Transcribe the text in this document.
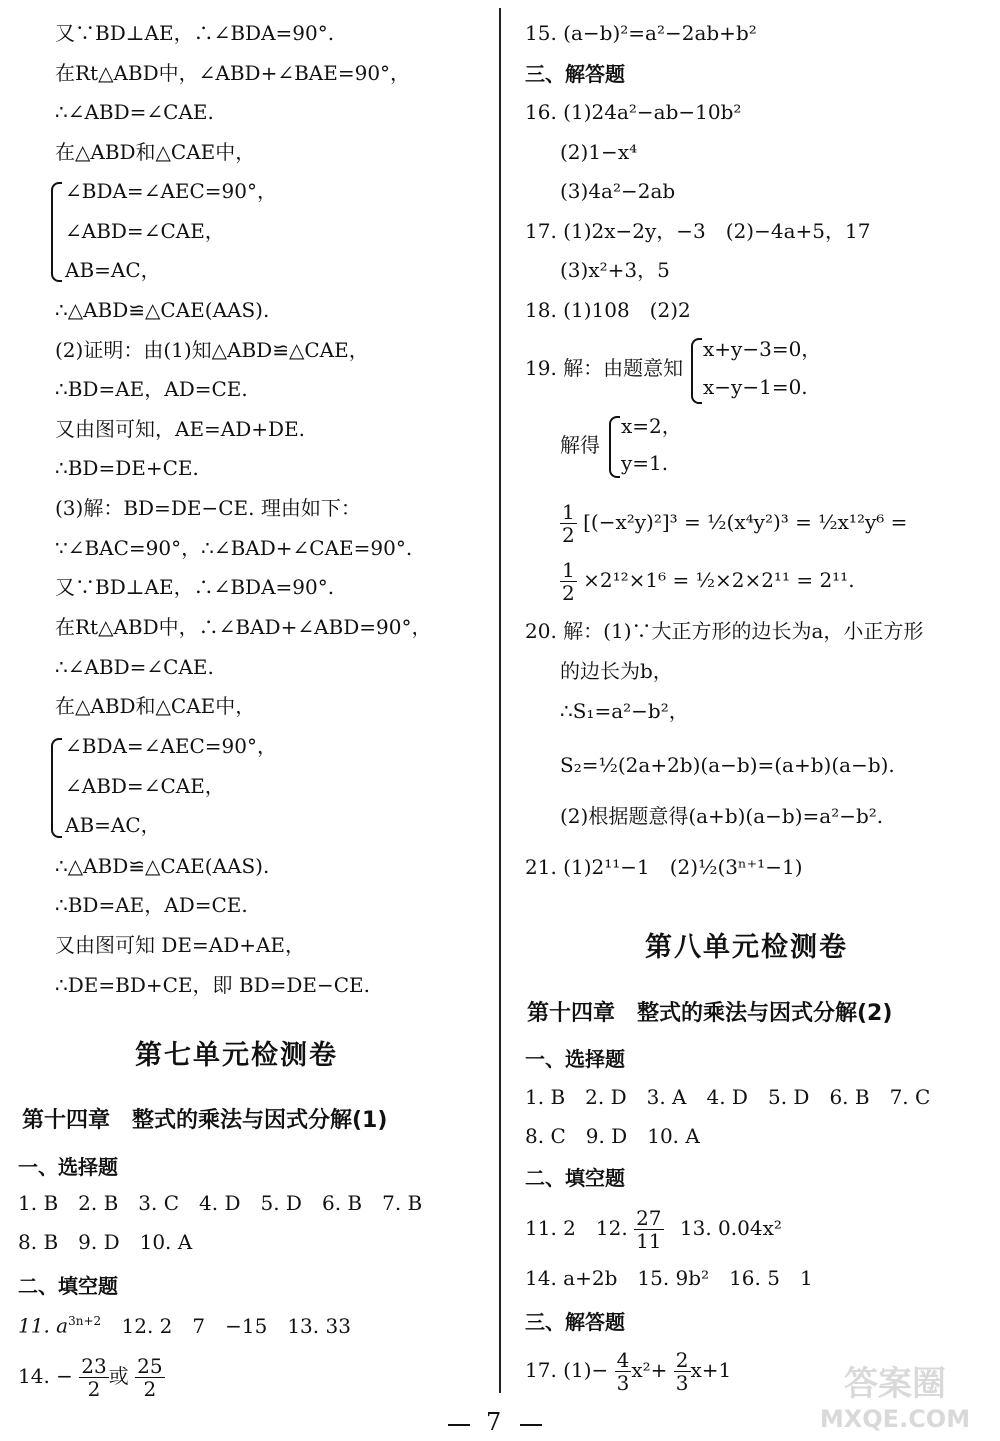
又∵BD⊥AE，∴∠BDA=90°.
在Rt△ABD中，∠ABD+∠BAE=90°，
∴∠ABD=∠CAE.
在△ABD和△CAE中，
∠BDA=∠AEC=90°，
∠ABD=∠CAE，
AB=AC，
∴△ABD≌△CAE(AAS).
(2)证明：由(1)知△ABD≌△CAE，
∴BD=AE，AD=CE.
又由图可知，AE=AD+DE.
∴BD=DE+CE.
(3)解：BD=DE−CE. 理由如下：
∵∠BAC=90°，∴∠BAD+∠CAE=90°.
又∵BD⊥AE，∴∠BDA=90°.
在Rt△ABD中，∴∠BAD+∠ABD=90°，
∴∠ABD=∠CAE.
在△ABD和△CAE中，
∠BDA=∠AEC=90°，
∠ABD=∠CAE，
AB=AC，
∴△ABD≌△CAE(AAS).
∴BD=AE，AD=CE.
又由图可知 DE=AD+AE，
∴DE=BD+CE，即 BD=DE−CE.
第七单元检测卷
第十四章　整式的乘法与因式分解(1)
一、选择题
1. B　2. B　3. C　4. D　5. D　6. B　7. B
8. B　9. D　10. A
二、填空题
11. $a^{3n+2}$ 12. 2　7　−15　13. 33
14. − $\frac{23}{2}$ 或 $\frac{25}{2}$
15. (a−b)²=a²−2ab+b²
三、解答题
16. (1)24a²−ab−10b²
(2)1−x⁴
(3)4a²−2ab
17. (1)2x−2y，−3　(2)−4a+5，17
(3)x²+3，5
18. (1)108　(2)2
19. 解：由题意知
x+y−3=0，
x−y−1=0.
解得
x=2，
y=1.
$\frac{1}{2} [(-x^2y)^2]^3$ = ½(x⁴y²)³ = ½x¹²y⁶ =
$\frac{1}{2} \times 2^{12}\times 1^6$ = ½×2×2¹¹ = 2¹¹.
20. 解：(1)∵大正方形的边长为a，小正方形
的边长为b，
∴S₁=a²−b²，
S₂=½(2a+2b)(a−b)=(a+b)(a−b).
(2)根据题意得(a+b)(a−b)=a²−b².
21. (1)2¹¹−1　(2)½(3ⁿ⁺¹−1)
第八单元检测卷
第十四章　整式的乘法与因式分解(2)
一、选择题
1. B　2. D　3. A　4. D　5. D　6. B　7. C
8. C　9. D　10. A
二、填空题
11. 2　12. $\frac{27}{11} 13$. 0.04x²
14. a+2b　15. 9b²　16. 5　1
三、解答题
17. $(1)- \frac{4}{3} x^2+ \frac{2}{3} x+1$
7
答案圈
MXQE.COM
